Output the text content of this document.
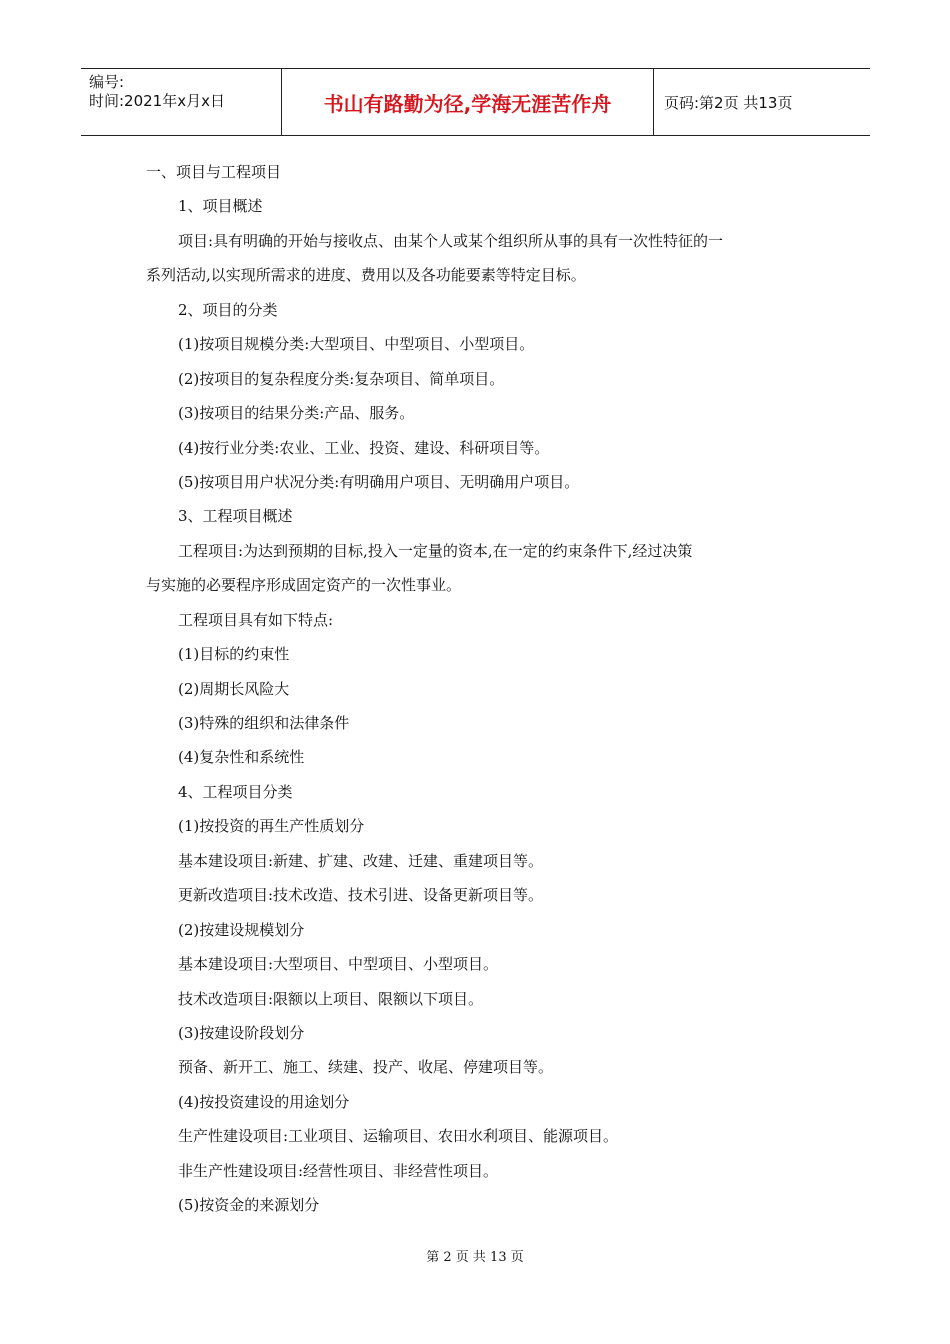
编号:
时间:2021年x月x日	书山有路勤为径,学海无涯苦作舟	页码:第2页 共13页
一、项目与工程项目
1、项目概述
项目:具有明确的开始与接收点、由某个人或某个组织所从事的具有一次性特征的一
系列活动,以实现所需求的进度、费用以及各功能要素等特定目标。
2、项目的分类
(1)按项目规模分类:大型项目、中型项目、小型项目。
(2)按项目的复杂程度分类:复杂项目、简单项目。
(3)按项目的结果分类:产品、服务。
(4)按行业分类:农业、工业、投资、建设、科研项目等。
(5)按项目用户状况分类:有明确用户项目、无明确用户项目。
3、工程项目概述
工程项目:为达到预期的目标,投入一定量的资本,在一定的约束条件下,经过决策
与实施的必要程序形成固定资产的一次性事业。
工程项目具有如下特点:
(1)目标的约束性
(2)周期长风险大
(3)特殊的组织和法律条件
(4)复杂性和系统性
4、工程项目分类
(1)按投资的再生产性质划分
基本建设项目:新建、扩建、改建、迁建、重建项目等。
更新改造项目:技术改造、技术引进、设备更新项目等。
(2)按建设规模划分
基本建设项目:大型项目、中型项目、小型项目。
技术改造项目:限额以上项目、限额以下项目。
(3)按建设阶段划分
预备、新开工、施工、续建、投产、收尾、停建项目等。
(4)按投资建设的用途划分
生产性建设项目:工业项目、运输项目、农田水利项目、能源项目。
非生产性建设项目:经营性项目、非经营性项目。
(5)按资金的来源划分
第 2 页 共 13 页
